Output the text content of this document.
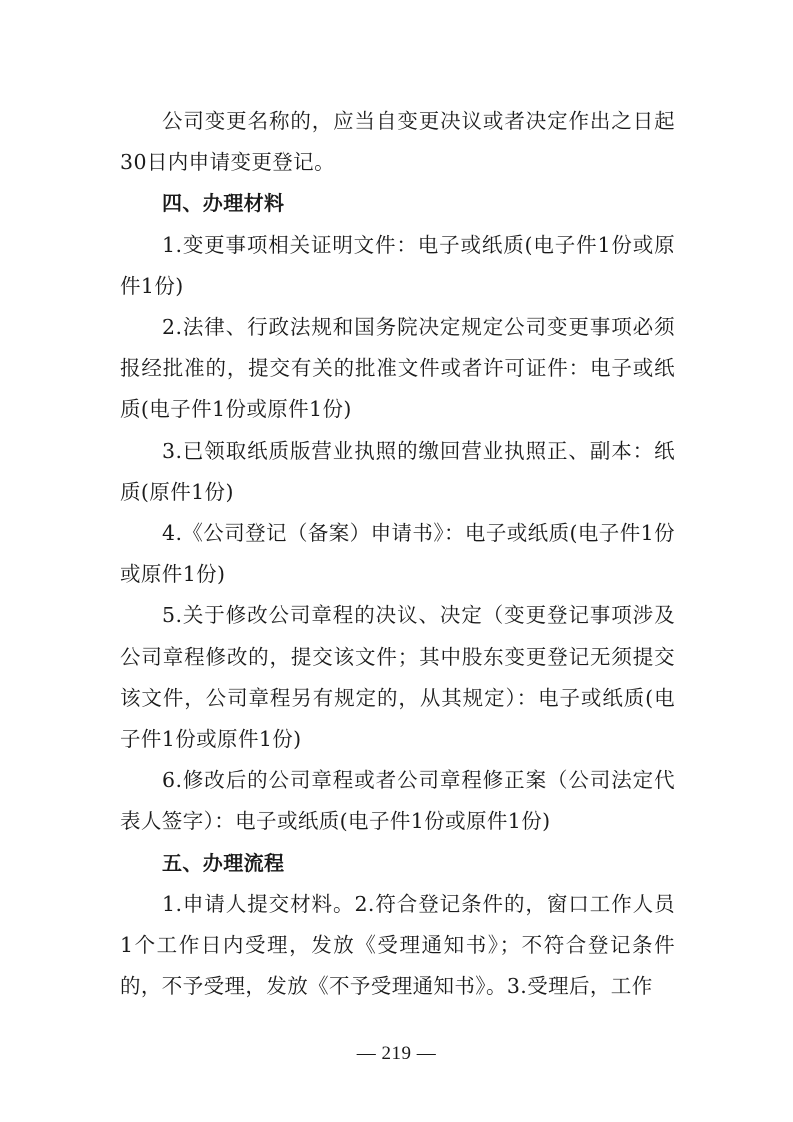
公司变更名称的，应当自变更决议或者决定作出之日起30日内申请变更登记。

四、办理材料

1.变更事项相关证明文件：电子或纸质(电子件1份或原件1份)

2.法律、行政法规和国务院决定规定公司变更事项必须报经批准的，提交有关的批准文件或者许可证件：电子或纸质(电子件1份或原件1份)

3.已领取纸质版营业执照的缴回营业执照正、副本：纸质(原件1份)

4.《公司登记（备案）申请书》：电子或纸质(电子件1份或原件1份)

5.关于修改公司章程的决议、决定（变更登记事项涉及公司章程修改的，提交该文件；其中股东变更登记无须提交该文件，公司章程另有规定的，从其规定）：电子或纸质(电子件1份或原件1份)

6.修改后的公司章程或者公司章程修正案（公司法定代表人签字）：电子或纸质(电子件1份或原件1份)

五、办理流程

1.申请人提交材料。2.符合登记条件的，窗口工作人员1个工作日内受理，发放《受理通知书》；不符合登记条件的，不予受理，发放《不予受理通知书》。3.受理后，工作

— 219 —
